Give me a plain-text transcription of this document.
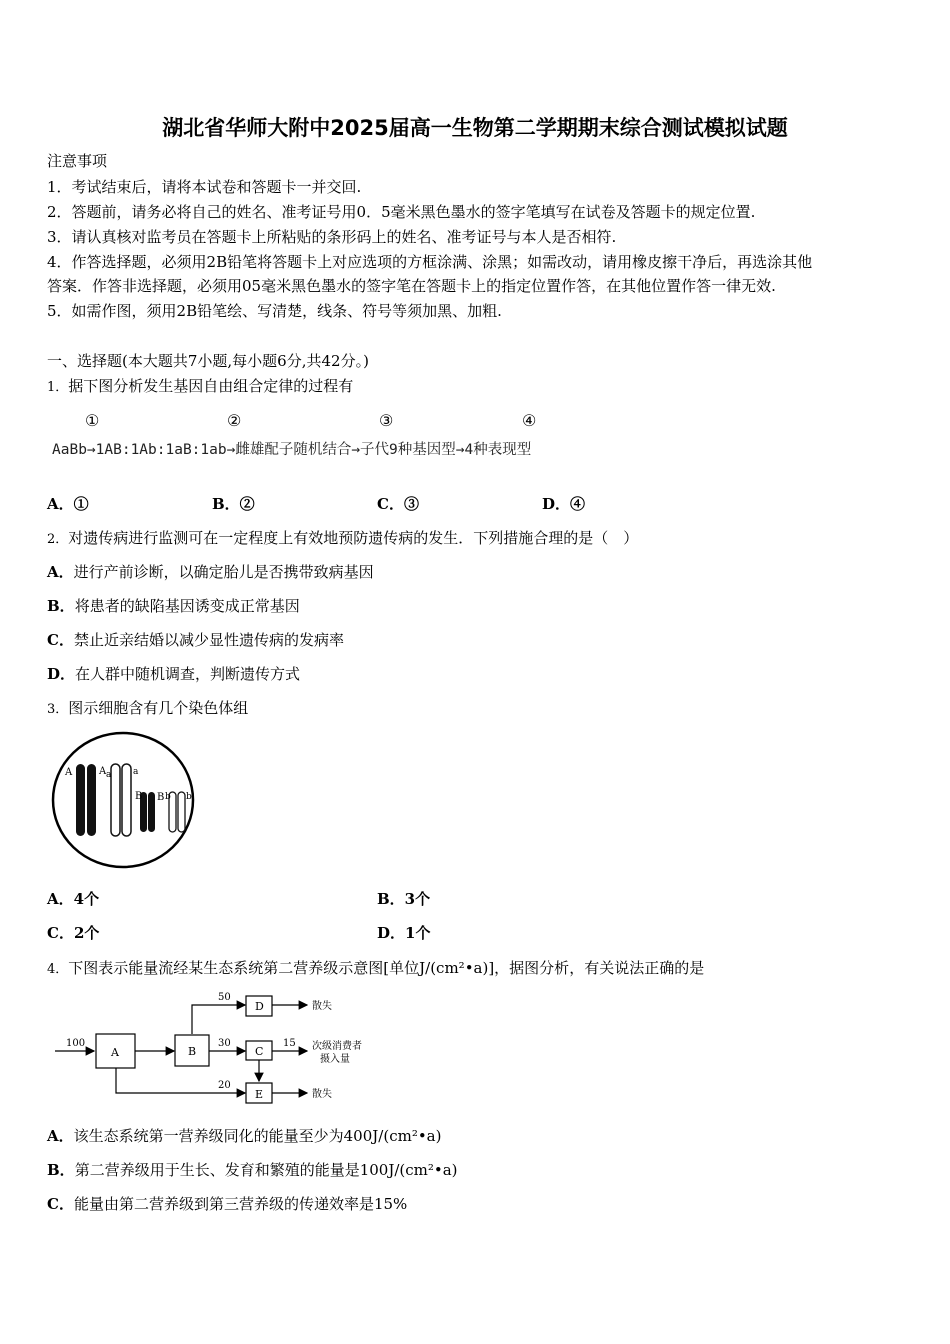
湖北省华师大附中2025届高一生物第二学期期末综合测试模拟试题
注意事项
1．考试结束后，请将本试卷和答题卡一并交回.
2．答题前，请务必将自己的姓名、准考证号用0．5毫米黑色墨水的签字笔填写在试卷及答题卡的规定位置.
3．请认真核对监考员在答题卡上所粘贴的条形码上的姓名、准考证号与本人是否相符.
4．作答选择题，必须用2B铅笔将答题卡上对应选项的方框涂满、涂黑；如需改动，请用橡皮擦干净后，再选涂其他
答案．作答非选择题，必须用05毫米黑色墨水的签字笔在答题卡上的指定位置作答，在其他位置作答一律无效.
5．如需作图，须用2B铅笔绘、写清楚，线条、符号等须加黑、加粗.
一、选择题(本大题共7小题,每小题6分,共42分。)
1．据下图分析发生基因自由组合定律的过程有
①	②	③	④
AaBb→1AB:1Ab:1aB:1ab→雌雄配子随机结合→子代9种基因型→4种表现型
A．①	B．②	C．③	D．④
2．对遗传病进行监测可在一定程度上有效地预防遗传病的发生．下列措施合理的是（　）
A．进行产前诊断，以确定胎儿是否携带致病基因
B．将患者的缺陷基因诱变成正常基因
C．禁止近亲结婚以减少显性遗传病的发病率
D．在人群中随机调查，判断遗传方式
3．图示细胞含有几个染色体组
A	A a a
B B b b
A．4个	B．3个
C．2个	D．1个
4．下图表示能量流经某生态系统第二营养级示意图[单位J/(cm²•a)]，据图分析，有关说法正确的是
A	B	C
D
E
100
50
30	15
20
散失
次级消费者
摄入量
散失
A．该生态系统第一营养级同化的能量至少为400J/(cm²•a)
B．第二营养级用于生长、发育和繁殖的能量是100J/(cm²•a)
C．能量由第二营养级到第三营养级的传递效率是15%
